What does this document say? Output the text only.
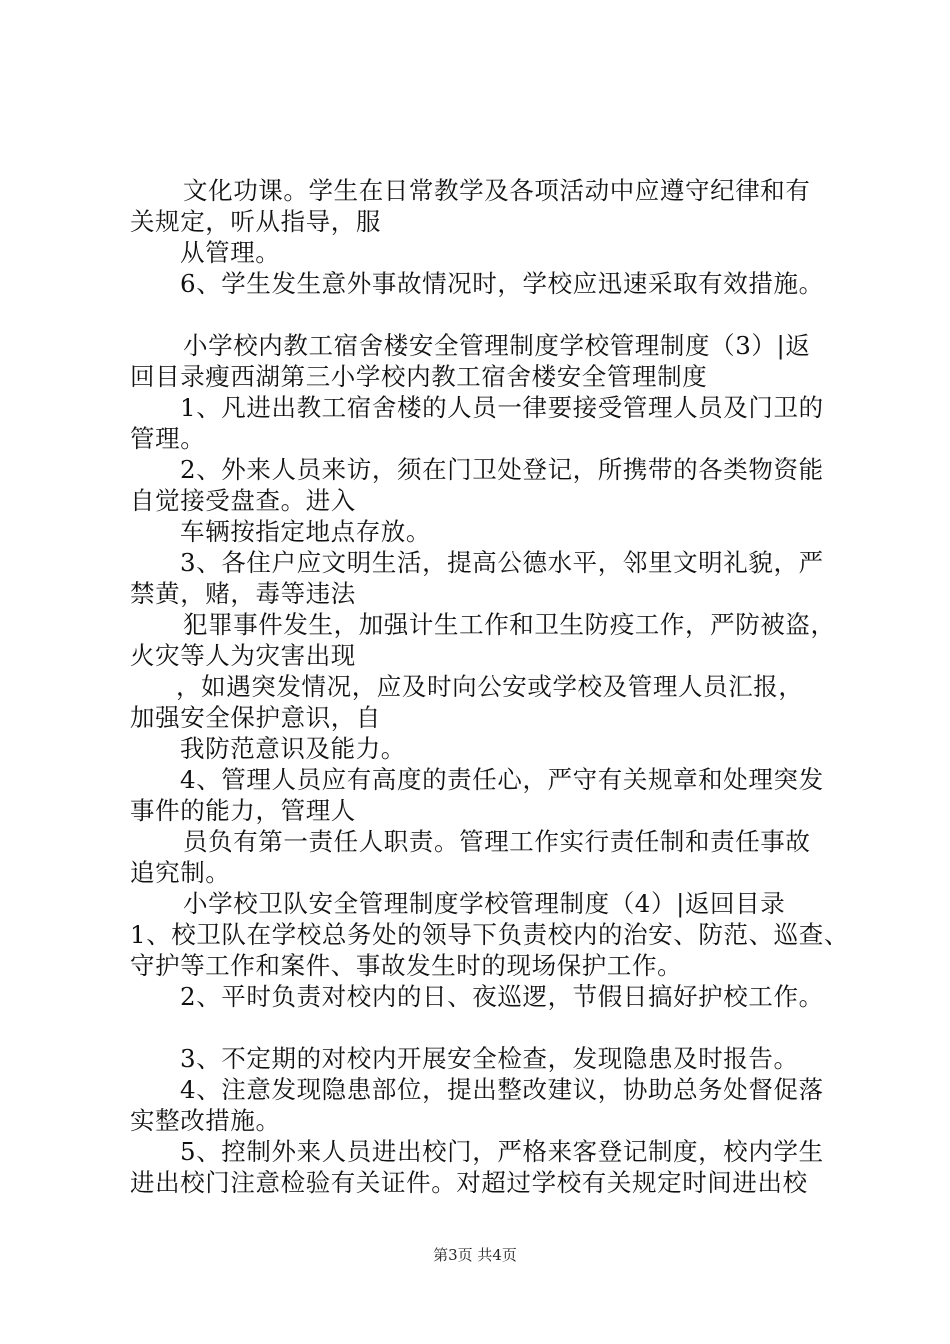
文化功课。学生在日常教学及各项活动中应遵守纪律和有
关规定，听从指导，服
从管理。
6、学生发生意外事故情况时，学校应迅速采取有效措施。
小学校内教工宿舍楼安全管理制度学校管理制度（3）|返
回目录瘦西湖第三小学校内教工宿舍楼安全管理制度
1、凡进出教工宿舍楼的人员一律要接受管理人员及门卫的
管理。
2、外来人员来访，须在门卫处登记，所携带的各类物资能
自觉接受盘查。进入
车辆按指定地点存放。
3、各住户应文明生活，提高公德水平，邻里文明礼貌，严
禁黄，赌，毒等违法
犯罪事件发生，加强计生工作和卫生防疫工作，严防被盗，
火灾等人为灾害出现
，如遇突发情况，应及时向公安或学校及管理人员汇报，
加强安全保护意识，自
我防范意识及能力。
4、管理人员应有高度的责任心，严守有关规章和处理突发
事件的能力，管理人
员负有第一责任人职责。管理工作实行责任制和责任事故
追究制。
小学校卫队安全管理制度学校管理制度（4）|返回目录
1、校卫队在学校总务处的领导下负责校内的治安、防范、巡查、
守护等工作和案件、事故发生时的现场保护工作。
2、平时负责对校内的日、夜巡逻，节假日搞好护校工作。
3、不定期的对校内开展安全检查，发现隐患及时报告。
4、注意发现隐患部位，提出整改建议，协助总务处督促落
实整改措施。
5、控制外来人员进出校门，严格来客登记制度，校内学生
进出校门注意检验有关证件。对超过学校有关规定时间进出校
第3页 共4页
